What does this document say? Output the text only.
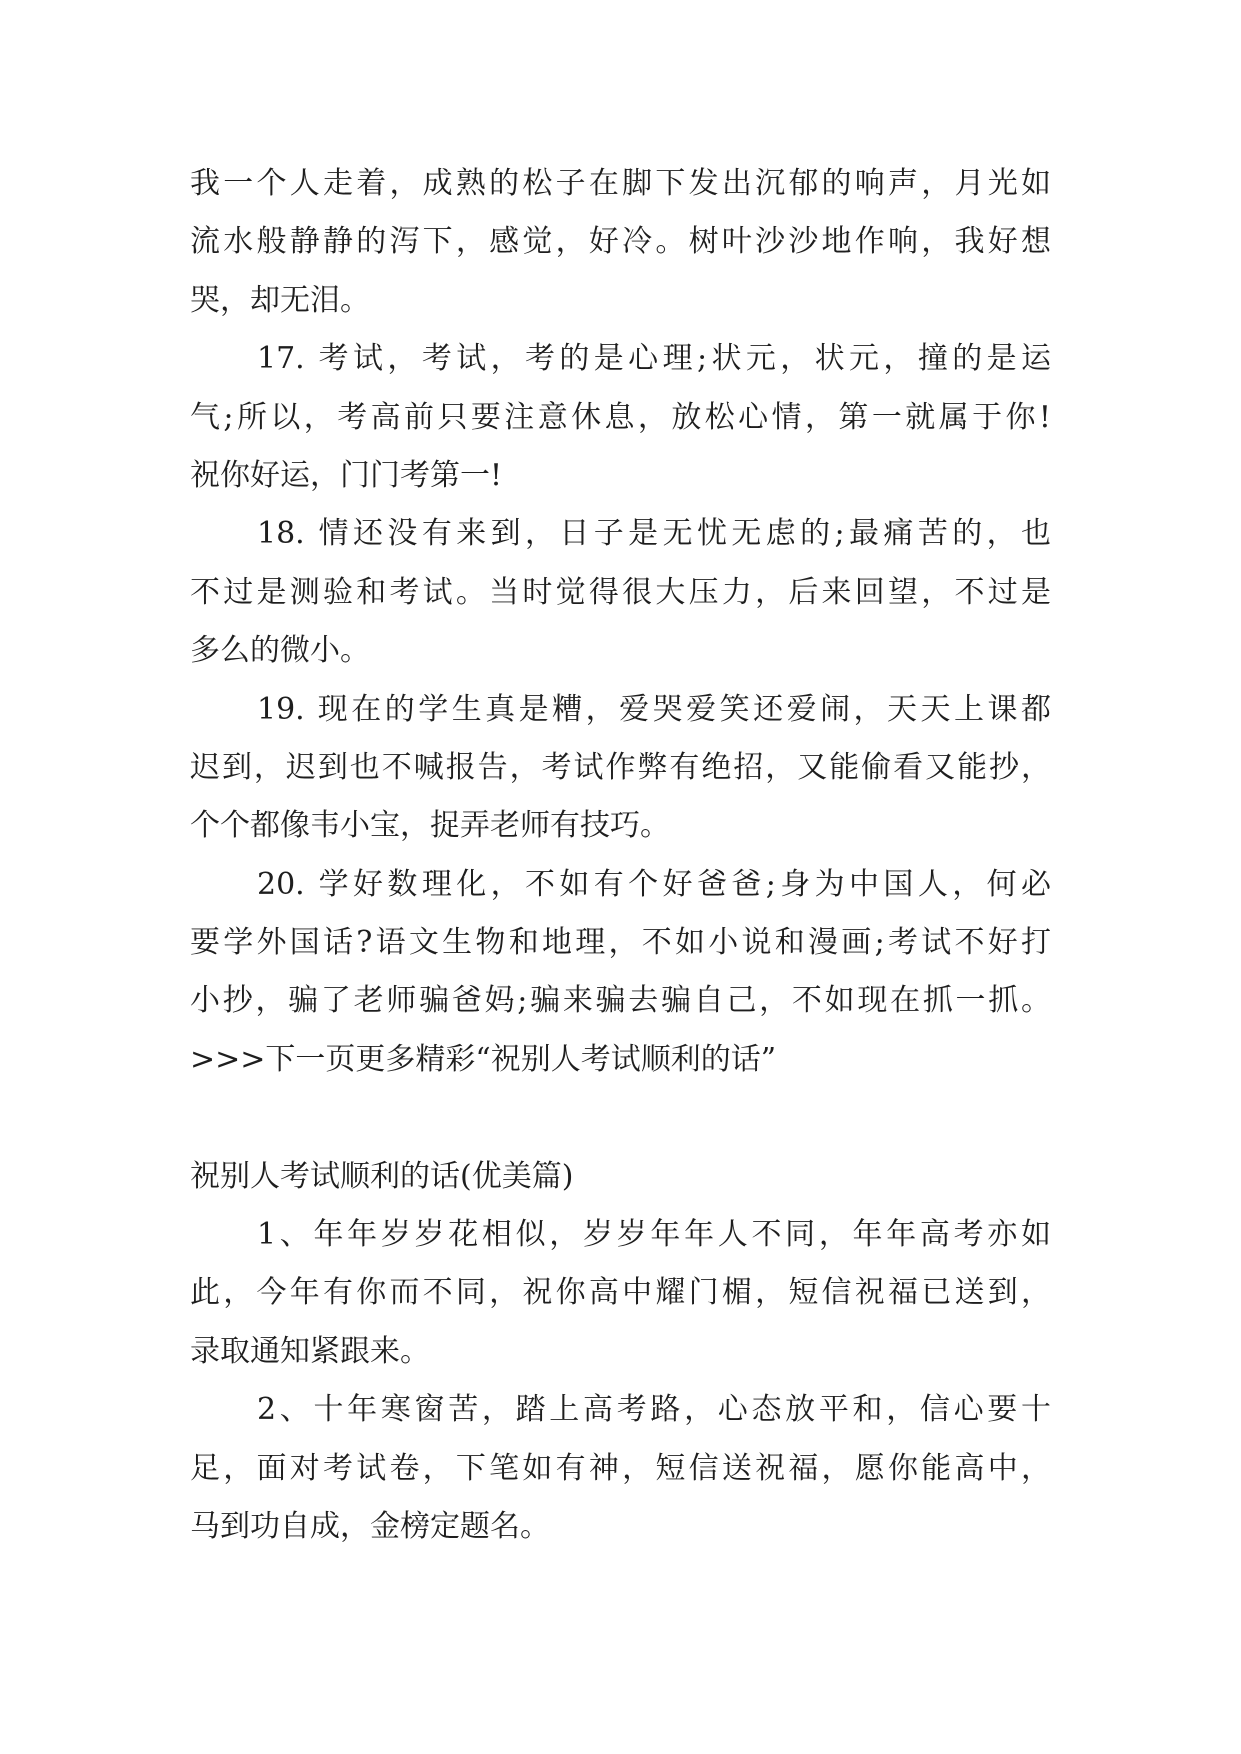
我一个人走着，成熟的松子在脚下发出沉郁的响声，月光如
流水般静静的泻下，感觉，好冷。树叶沙沙地作响，我好想
哭，却无泪。
17. 考试，考试，考的是心理;状元，状元，撞的是运
气;所以，考高前只要注意休息，放松心情，第一就属于你!
祝你好运，门门考第一!
18. 情还没有来到，日子是无忧无虑的;最痛苦的，也
不过是测验和考试。当时觉得很大压力，后来回望，不过是
多么的微小。
19. 现在的学生真是糟，爱哭爱笑还爱闹，天天上课都
迟到，迟到也不喊报告，考试作弊有绝招，又能偷看又能抄，
个个都像韦小宝，捉弄老师有技巧。
20. 学好数理化，不如有个好爸爸;身为中国人，何必
要学外国话?语文生物和地理，不如小说和漫画;考试不好打
小抄，骗了老师骗爸妈;骗来骗去骗自己，不如现在抓一抓。
>>>下一页更多精彩“祝别人考试顺利的话”
祝别人考试顺利的话(优美篇)
1、年年岁岁花相似，岁岁年年人不同，年年高考亦如
此，今年有你而不同，祝你高中耀门楣，短信祝福已送到，
录取通知紧跟来。
2、十年寒窗苦，踏上高考路，心态放平和，信心要十
足，面对考试卷，下笔如有神，短信送祝福，愿你能高中，
马到功自成，金榜定题名。
